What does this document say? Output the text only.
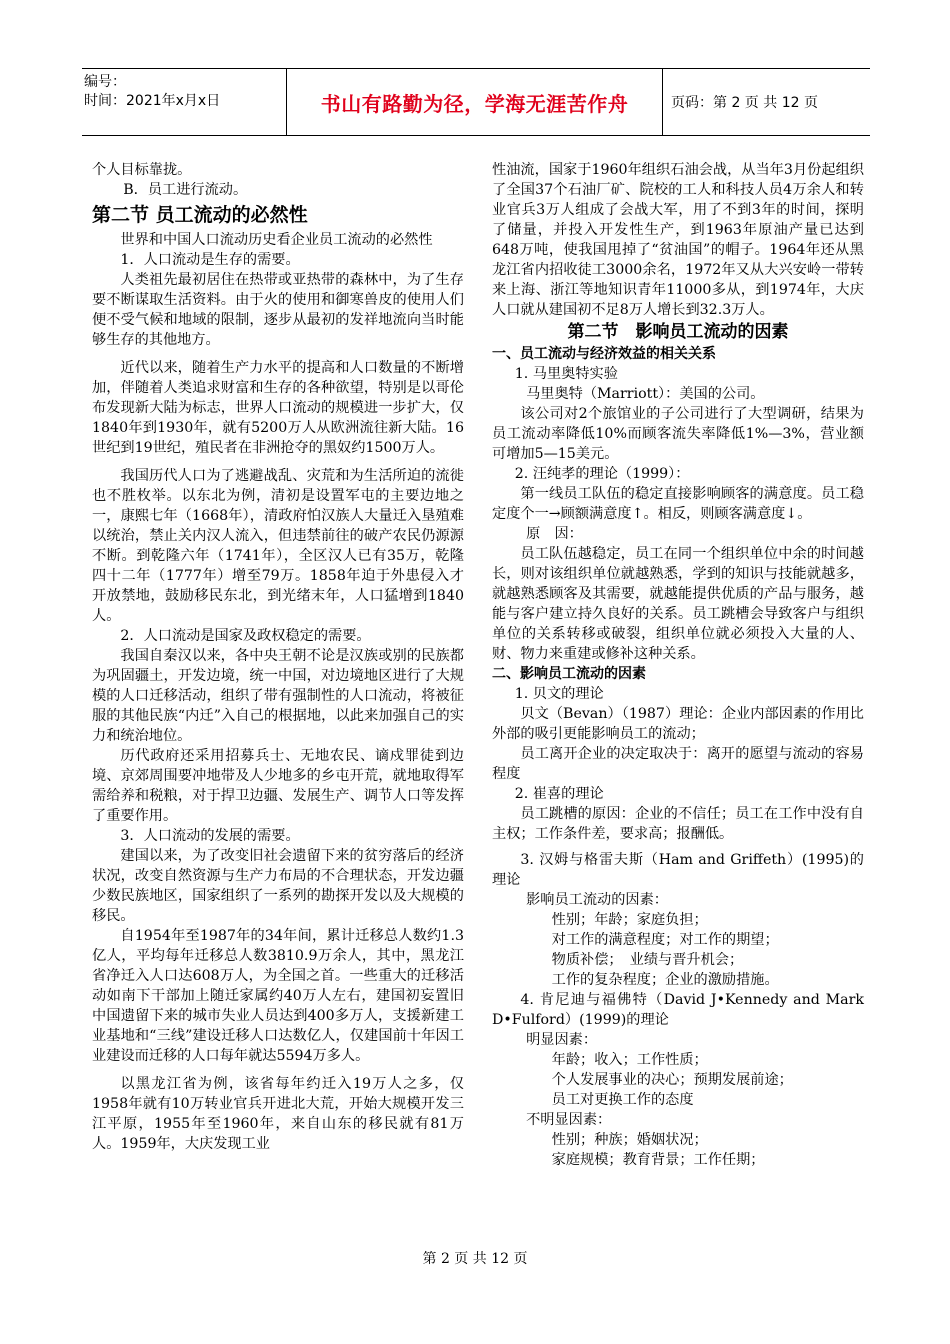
编号：
时间：2021年x月x日	书山有路勤为径，学海无涯苦作舟	页码：第 2 页 共 12 页

个人目标靠拢。

B．员工进行流动。

第二节 员工流动的必然性

世界和中国人口流动历史看企业员工流动的必然性

1．人口流动是生存的需要。

人类祖先最初居住在热带或亚热带的森林中，为了生存要不断谋取生活资料。由于火的使用和御寒兽皮的使用人们便不受气候和地域的限制，逐步从最初的发祥地流向当时能够生存的其他地方。

近代以来，随着生产力水平的提高和人口数量的不断增加，伴随着人类追求财富和生存的各种欲望，特别是以哥伦布发现新大陆为标志，世界人口流动的规模进一步扩大，仅1840年到1930年，就有5200万人从欧洲流往新大陆。16世纪到19世纪，殖民者在非洲抢夺的黑奴约1500万人。

我国历代人口为了逃避战乱、灾荒和为生活所迫的流徙也不胜枚举。以东北为例，清初是设置军屯的主要边地之一，康熙七年（1668年），清政府怕汉族人大量迁入垦殖难以统治，禁止关内汉人流入，但违禁前往的破产农民仍源源不断。到乾隆六年（1741年），全区汉人已有35万，乾隆四十二年（1777年）增至79万。1858年迫于外患侵入才开放禁地，鼓励移民东北，到光绪末年，人口猛增到1840人。

2．人口流动是国家及政权稳定的需要。

我国自秦汉以来，各中央王朝不论是汉族或别的民族都为巩固疆土，开发边境，统一中国，对边境地区进行了大规模的人口迁移活动，组织了带有强制性的人口流动，将被征服的其他民族“内迁”入自己的根据地，以此来加强自己的实力和统治地位。

历代政府还采用招募兵士、无地农民、谪戍罪徒到边境、京郊周围要冲地带及人少地多的乡屯开荒，就地取得军需给养和税粮，对于捍卫边疆、发展生产、调节人口等发挥了重要作用。

3．人口流动的发展的需要。

建国以来，为了改变旧社会遗留下来的贫穷落后的经济状况，改变自然资源与生产力布局的不合理状态，开发边疆少数民族地区，国家组织了一系列的勘探开发以及大规模的移民。

自1954年至1987年的34年间，累计迁移总人数约1.3亿人，平均每年迁移总人数3810.9万余人，其中，黑龙江省净迁入人口达608万人，为全国之首。一些重大的迁移活动如南下干部加上随迁家属约40万人左右，建国初妄置旧中国遗留下来的城市失业人员达到400多万人，支援新建工业基地和“三线”建设迁移人口达数亿人，仅建国前十年因工业建设而迁移的人口每年就达5594万多人。

以黑龙江省为例，该省每年约迁入19万人之多，仅1958年就有10万转业官兵开进北大荒，开始大规模开发三江平原，1955年至1960年，来自山东的移民就有81万人。1959年，大庆发现工业

性油流，国家于1960年组织石油会战，从当年3月份起组织了全国37个石油厂矿、院校的工人和科技人员4万余人和转业官兵3万人组成了会战大军，用了不到3年的时间，探明了储量，并投入开发性生产，到1963年原油产量已达到648万吨，使我国甩掉了“贫油国”的帽子。1964年还从黑龙江省内招收徒工3000余名，1972年又从大兴安岭一带转来上海、浙江等地知识青年11000多从，到1974年，大庆人口就从建国初不足8万人增长到32.3万人。

第二节　影响员工流动的因素

一、员工流动与经济效益的相关关系

1. 马里奥特实验

马里奥特（Marriott）：美国的公司。

该公司对2个旅馆业的子公司进行了大型调研，结果为员工流动率降低10%而顾客流失率降低1%—3%，营业额可增加5—15美元。

2. 汪纯孝的理论（1999）：

第一线员工队伍的稳定直接影响顾客的满意度。员工稳定度个一→顾额满意度↑。相反，则顾客满意度↓。

原　因：

员工队伍越稳定，员工在同一个组织单位中余的时间越长，则对该组织单位就越熟悉，学到的知识与技能就越多，就越熟悉顾客及其需要，就越能提供优质的产品与服务，越能与客户建立持久良好的关系。员工跳槽会导致客户与组织单位的关系转移或破裂，组织单位就必须投入大量的人、财、物力来重建或修补这种关系。

二、影响员工流动的因素

1. 贝文的理论

贝文（Bevan）（1987）理论：企业内部因素的作用比外部的吸引更能影响员工的流动；

员工离开企业的决定取决于：离开的愿望与流动的容易程度

2. 崔喜的理论

员工跳槽的原因：企业的不信任；员工在工作中没有自主权；工作条件差，要求高；报酬低。

3. 汉姆与格雷夫斯（Ham and Griffeth）(1995)的理论

影响员工流动的因素：

性别；年龄；家庭负担；

对工作的满意程度；对工作的期望；

物质补偿；　业绩与晋升机会；

工作的复杂程度；企业的激励措施。

4. 肯尼迪与福佛特（David J•Kennedy and Mark D•Fulford）(1999)的理论

明显因素：

年龄；收入；工作性质；

个人发展事业的决心；预期发展前途；

员工对更换工作的态度

不明显因素：

性别；种族；婚姻状况；

家庭规模；教育背景；工作任期；

第 2 页 共 12 页
